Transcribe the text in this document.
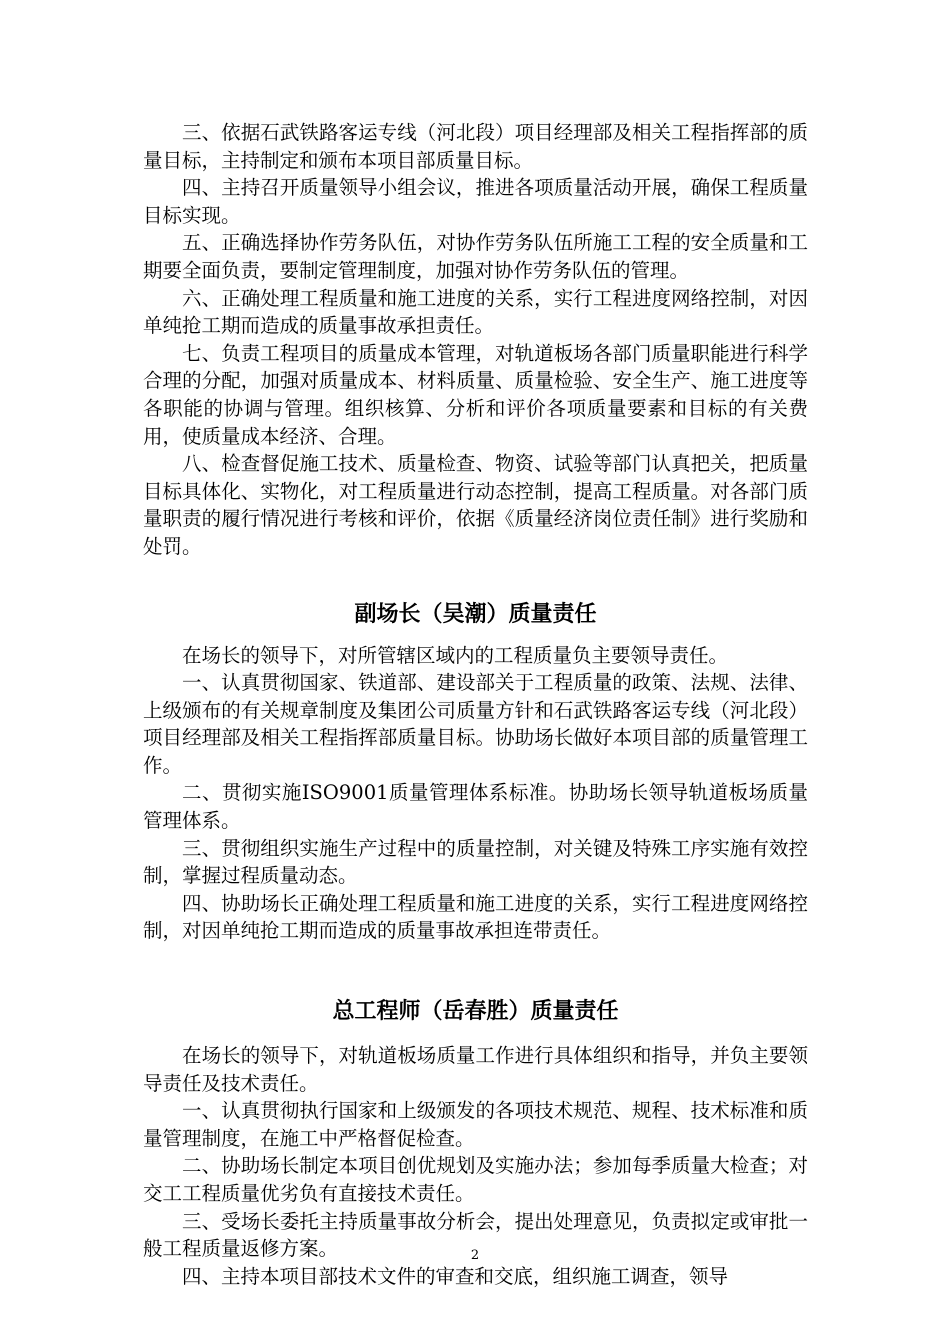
三、依据石武铁路客运专线（河北段）项目经理部及相关工程指挥部的质量目标，主持制定和颁布本项目部质量目标。

四、主持召开质量领导小组会议，推进各项质量活动开展，确保工程质量目标实现。

五、正确选择协作劳务队伍，对协作劳务队伍所施工工程的安全质量和工期要全面负责，要制定管理制度，加强对协作劳务队伍的管理。

六、正确处理工程质量和施工进度的关系，实行工程进度网络控制，对因单纯抢工期而造成的质量事故承担责任。

七、负责工程项目的质量成本管理，对轨道板场各部门质量职能进行科学合理的分配，加强对质量成本、材料质量、质量检验、安全生产、施工进度等各职能的协调与管理。组织核算、分析和评价各项质量要素和目标的有关费用，使质量成本经济、合理。

八、检查督促施工技术、质量检查、物资、试验等部门认真把关，把质量目标具体化、实物化，对工程质量进行动态控制，提高工程质量。对各部门质量职责的履行情况进行考核和评价，依据《质量经济岗位责任制》进行奖励和处罚。

副场长（吴潮）质量责任

在场长的领导下，对所管辖区域内的工程质量负主要领导责任。

一、认真贯彻国家、铁道部、建设部关于工程质量的政策、法规、法律、上级颁布的有关规章制度及集团公司质量方针和石武铁路客运专线（河北段）项目经理部及相关工程指挥部质量目标。协助场长做好本项目部的质量管理工作。

二、贯彻实施ISO9001质量管理体系标准。协助场长领导轨道板场质量管理体系。

三、贯彻组织实施生产过程中的质量控制，对关键及特殊工序实施有效控制，掌握过程质量动态。

四、协助场长正确处理工程质量和施工进度的关系，实行工程进度网络控制，对因单纯抢工期而造成的质量事故承担连带责任。

总工程师（岳春胜）质量责任

在场长的领导下，对轨道板场质量工作进行具体组织和指导，并负主要领导责任及技术责任。

一、认真贯彻执行国家和上级颁发的各项技术规范、规程、技术标准和质量管理制度，在施工中严格督促检查。

二、协助场长制定本项目创优规划及实施办法；参加每季质量大检查；对交工工程质量优劣负有直接技术责任。

三、受场长委托主持质量事故分析会，提出处理意见，负责拟定或审批一般工程质量返修方案。

四、主持本项目部技术文件的审查和交底，组织施工调查，领导

2
